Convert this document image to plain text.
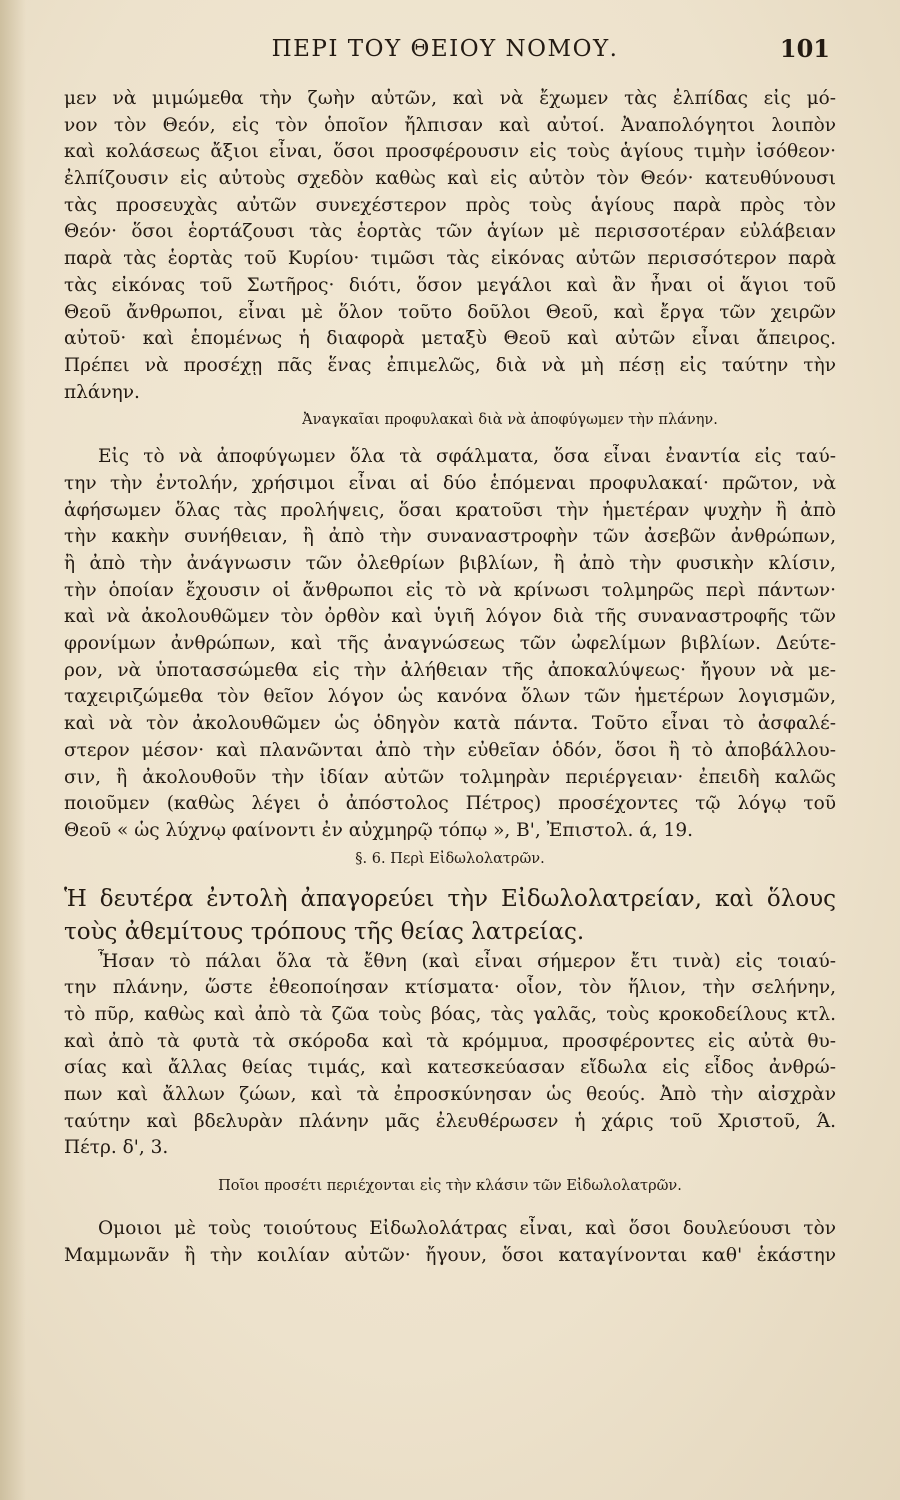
ΠΕΡΙ ΤΟΥ ΘΕΙΟΥ ΝΟΜΟΥ.	101
μεν νὰ μιμώμεθα τὴν ζωὴν αὐτῶν, καὶ νὰ ἔχωμεν τὰς ἐλπίδας εἰς μό-
νον τὸν Θεόν, εἰς τὸν ὁποῖον ἤλπισαν καὶ αὐτοί. Ἀναπολόγητοι λοιπὸν
καὶ κολάσεως ἄξιοι εἶναι, ὅσοι προσφέρουσιν εἰς τοὺς ἁγίους τιμὴν ἰσόθεον·
ἐλπίζουσιν εἰς αὐτοὺς σχεδὸν καθὼς καὶ εἰς αὐτὸν τὸν Θεόν· κατευθύνουσι
τὰς προσευχὰς αὐτῶν συνεχέστερον πρὸς τοὺς ἁγίους παρὰ πρὸς τὸν
Θεόν· ὅσοι ἑορτάζουσι τὰς ἑορτὰς τῶν ἁγίων μὲ περισσοτέραν εὐλάβειαν
παρὰ τὰς ἑορτὰς τοῦ Κυρίου· τιμῶσι τὰς εἰκόνας αὐτῶν περισσότερον παρὰ
τὰς εἰκόνας τοῦ Σωτῆρος· διότι, ὅσον μεγάλοι καὶ ἂν ἦναι οἱ ἅγιοι τοῦ
Θεοῦ ἄνθρωποι, εἶναι μὲ ὅλον τοῦτο δοῦλοι Θεοῦ, καὶ ἔργα τῶν χειρῶν
αὐτοῦ· καὶ ἑπομένως ἡ διαφορὰ μεταξὺ Θεοῦ καὶ αὐτῶν εἶναι ἄπειρος.
Πρέπει νὰ προσέχῃ πᾶς ἕνας ἐπιμελῶς, διὰ νὰ μὴ πέσῃ εἰς ταύτην τὴν
πλάνην.
Ἀναγκαῖαι προφυλακαὶ διὰ νὰ ἀποφύγωμεν τὴν πλάνην.
Εἰς τὸ νὰ ἀποφύγωμεν ὅλα τὰ σφάλματα, ὅσα εἶναι ἐναντία εἰς ταύ-
την τὴν ἐντολήν, χρήσιμοι εἶναι αἱ δύο ἑπόμεναι προφυλακαί· πρῶτον, νὰ
ἀφήσωμεν ὅλας τὰς προλήψεις, ὅσαι κρατοῦσι τὴν ἡμετέραν ψυχὴν ἢ ἀπὸ
τὴν κακὴν συνήθειαν, ἢ ἀπὸ τὴν συναναστροφὴν τῶν ἀσεβῶν ἀνθρώπων,
ἢ ἀπὸ τὴν ἀνάγνωσιν τῶν ὀλεθρίων βιβλίων, ἢ ἀπὸ τὴν φυσικὴν κλίσιν,
τὴν ὁποίαν ἔχουσιν οἱ ἄνθρωποι εἰς τὸ νὰ κρίνωσι τολμηρῶς περὶ πάντων·
καὶ νὰ ἀκολουθῶμεν τὸν ὀρθὸν καὶ ὑγιῆ λόγον διὰ τῆς συναναστροφῆς τῶν
φρονίμων ἀνθρώπων, καὶ τῆς ἀναγνώσεως τῶν ὠφελίμων βιβλίων. Δεύτε-
ρον, νὰ ὑποτασσώμεθα εἰς τὴν ἀλήθειαν τῆς ἀποκαλύψεως· ἤγουν νὰ με-
ταχειριζώμεθα τὸν θεῖον λόγον ὡς κανόνα ὅλων τῶν ἡμετέρων λογισμῶν,
καὶ νὰ τὸν ἀκολουθῶμεν ὡς ὁδηγὸν κατὰ πάντα. Τοῦτο εἶναι τὸ ἀσφαλέ-
στερον μέσον· καὶ πλανῶνται ἀπὸ τὴν εὐθεῖαν ὁδόν, ὅσοι ἢ τὸ ἀποβάλλου-
σιν, ἢ ἀκολουθοῦν τὴν ἰδίαν αὐτῶν τολμηρὰν περιέργειαν· ἐπειδὴ καλῶς
ποιοῦμεν (καθὼς λέγει ὁ ἀπόστολος Πέτρος) προσέχοντες τῷ λόγῳ τοῦ
Θεοῦ « ὡς λύχνῳ φαίνοντι ἐν αὐχμηρῷ τόπῳ », Β', Ἐπιστολ. ά, 19.
§. 6. Περὶ Εἰδωλολατρῶν.
Ἡ δευτέρα ἐντολὴ ἀπαγορεύει τὴν Εἰδωλολατρείαν, καὶ ὅλους
τοὺς ἀθεμίτους τρόπους τῆς θείας λατρείας.
Ἦσαν τὸ πάλαι ὅλα τὰ ἔθνη (καὶ εἶναι σήμερον ἔτι τινὰ) εἰς τοιαύ-
την πλάνην, ὥστε ἐθεοποίησαν κτίσματα· οἷον, τὸν ἥλιον, τὴν σελήνην,
τὸ πῦρ, καθὼς καὶ ἀπὸ τὰ ζῶα τοὺς βόας, τὰς γαλᾶς, τοὺς κροκοδείλους κτλ.
καὶ ἀπὸ τὰ φυτὰ τὰ σκόροδα καὶ τὰ κρόμμυα, προσφέροντες εἰς αὐτὰ θυ-
σίας καὶ ἄλλας θείας τιμάς, καὶ κατεσκεύασαν εἴδωλα εἰς εἶδος ἀνθρώ-
πων καὶ ἄλλων ζώων, καὶ τὰ ἐπροσκύνησαν ὡς θεούς. Ἀπὸ τὴν αἰσχρὰν
ταύτην καὶ βδελυρὰν πλάνην μᾶς ἐλευθέρωσεν ἡ χάρις τοῦ Χριστοῦ, Ά.
Πέτρ. δ', 3.
Ποῖοι προσέτι περιέχονται εἰς τὴν κλάσιν τῶν Εἰδωλολατρῶν.
Ομοιοι μὲ τοὺς τοιούτους Εἰδωλολάτρας εἶναι, καὶ ὅσοι δουλεύουσι τὸν
Μαμμωνᾶν ἢ τὴν κοιλίαν αὐτῶν· ἤγουν, ὅσοι καταγίνονται καθ' ἑκάστην
